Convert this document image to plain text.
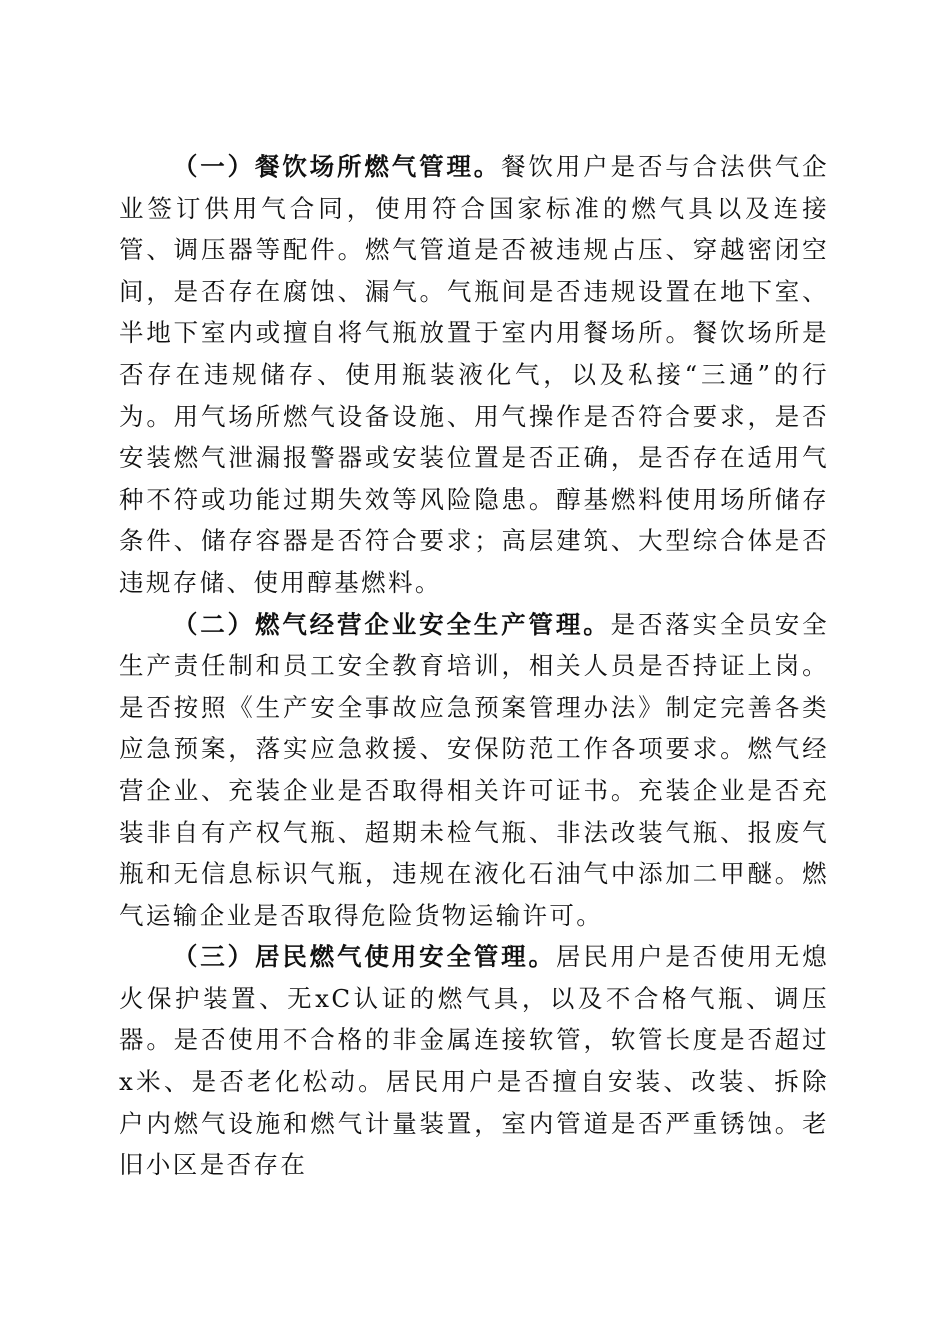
（一）餐饮场所燃气管理。餐饮用户是否与合法供气企业签订供用气合同，使用符合国家标准的燃气具以及连接管、调压器等配件。燃气管道是否被违规占压、穿越密闭空间，是否存在腐蚀、漏气。气瓶间是否违规设置在地下室、半地下室内或擅自将气瓶放置于室内用餐场所。餐饮场所是否存在违规储存、使用瓶装液化气，以及私接“三通”的行为。用气场所燃气设备设施、用气操作是否符合要求，是否安装燃气泄漏报警器或安装位置是否正确，是否存在适用气种不符或功能过期失效等风险隐患。醇基燃料使用场所储存条件、储存容器是否符合要求；高层建筑、大型综合体是否违规存储、使用醇基燃料。

（二）燃气经营企业安全生产管理。是否落实全员安全生产责任制和员工安全教育培训，相关人员是否持证上岗。是否按照《生产安全事故应急预案管理办法》制定完善各类应急预案，落实应急救援、安保防范工作各项要求。燃气经营企业、充装企业是否取得相关许可证书。充装企业是否充装非自有产权气瓶、超期未检气瓶、非法改装气瓶、报废气瓶和无信息标识气瓶，违规在液化石油气中添加二甲醚。燃气运输企业是否取得危险货物运输许可。

（三）居民燃气使用安全管理。居民用户是否使用无熄火保护装置、无xC认证的燃气具，以及不合格气瓶、调压器。是否使用不合格的非金属连接软管，软管长度是否超过x米、是否老化松动。居民用户是否擅自安装、改装、拆除户内燃气设施和燃气计量装置，室内管道是否严重锈蚀。老旧小区是否存在
